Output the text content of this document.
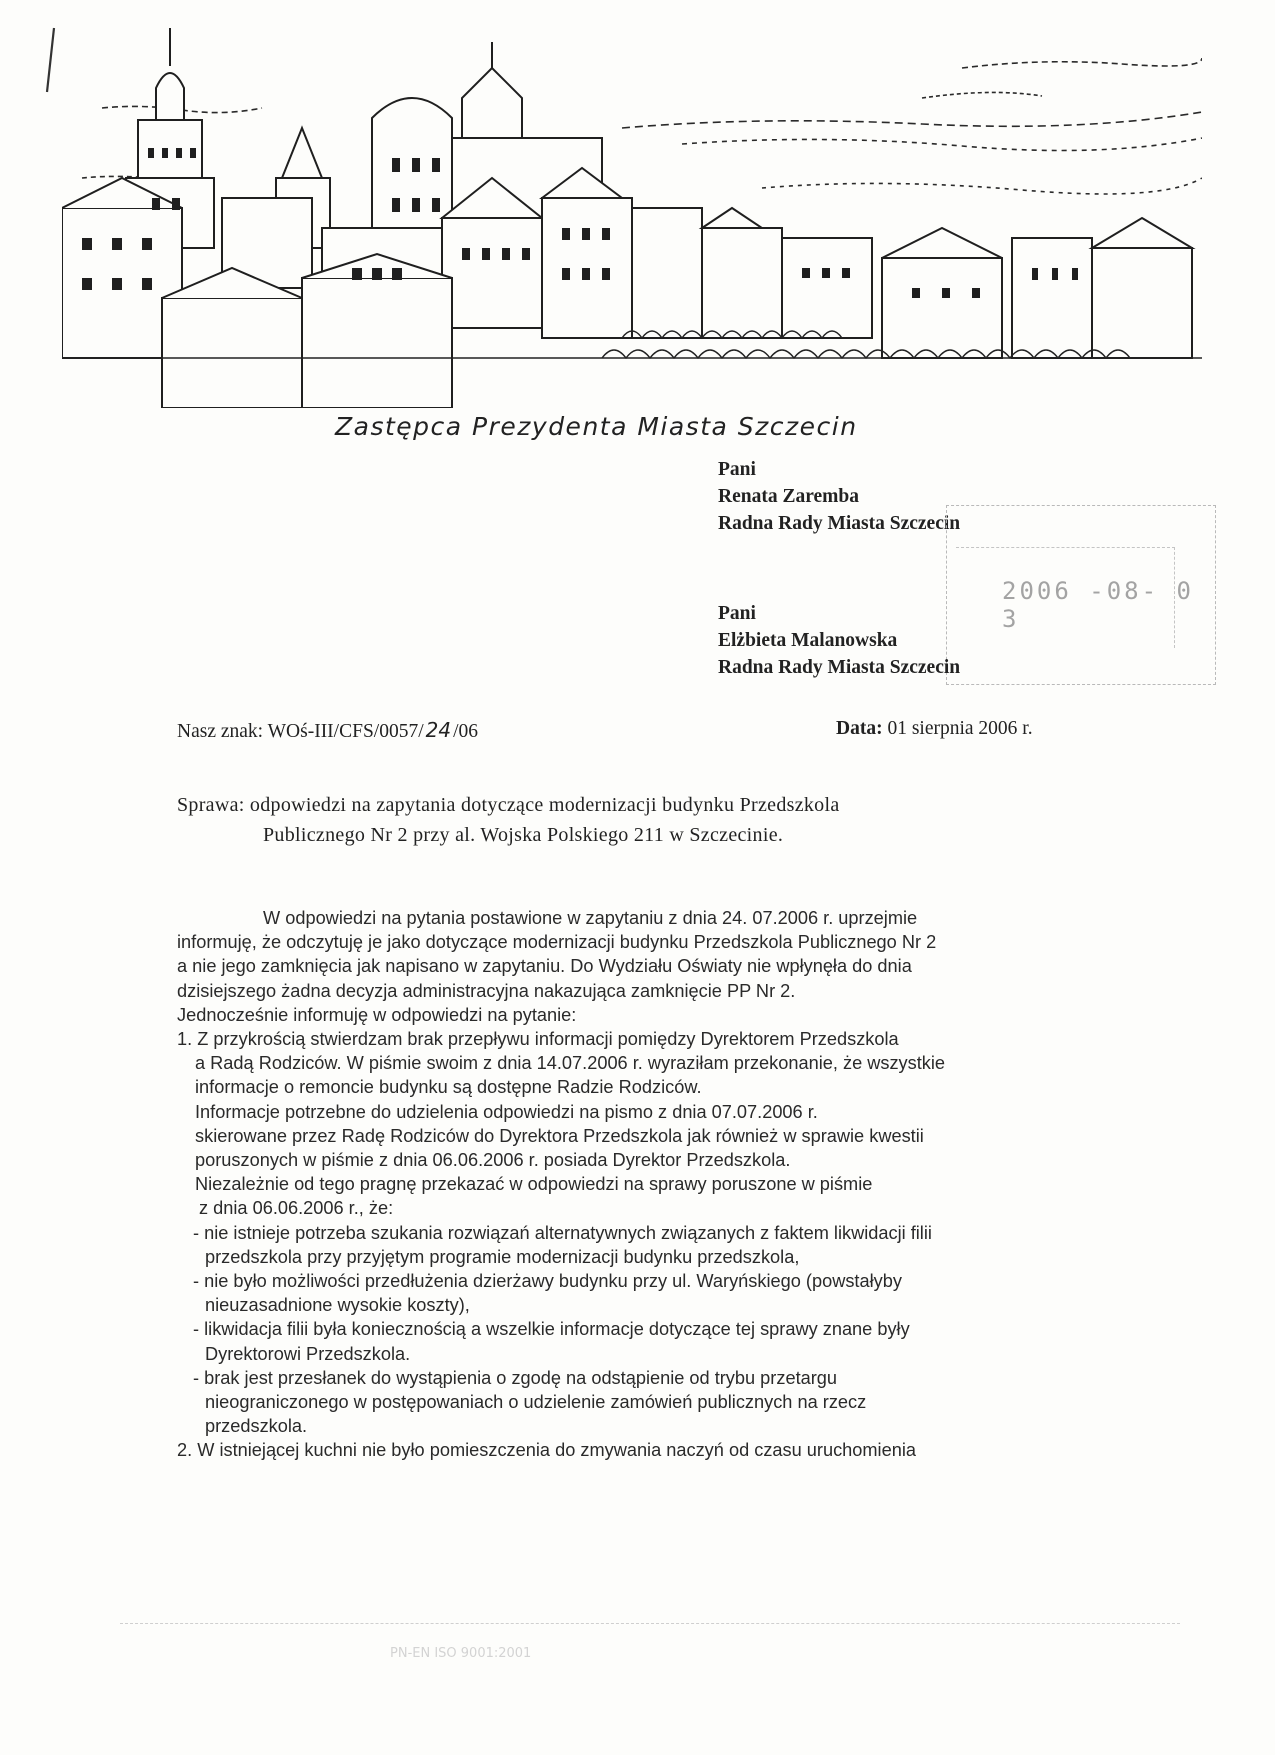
Zastępca Prezydenta Miasta Szczecin
Pani
Renata Zaremba
Radna Rady Miasta Szczecin
2006 -08- 0 3
Pani
Elżbieta Malanowska
Radna Rady Miasta Szczecin
Nasz znak: WOś-III/CFS/0057/ 24 /06	Data: 01 sierpnia 2006 r.
Sprawa: odpowiedzi na zapytania dotyczące modernizacji budynku Przedszkola
Publicznego Nr 2 przy al. Wojska Polskiego 211 w Szczecinie.

W odpowiedzi na pytania postawione w zapytaniu z dnia 24. 07.2006 r. uprzejmie

informuję, że odczytuję je jako dotyczące modernizacji budynku Przedszkola Publicznego Nr 2

a nie jego zamknięcia jak napisano w zapytaniu. Do Wydziału Oświaty nie wpłynęła do dnia

dzisiejszego żadna decyzja administracyjna nakazująca zamknięcie PP Nr 2.

Jednocześnie informuję w odpowiedzi na pytanie:

1. Z przykrością stwierdzam brak przepływu informacji pomiędzy Dyrektorem Przedszkola

a Radą Rodziców. W piśmie swoim z dnia 14.07.2006 r. wyraziłam przekonanie, że wszystkie

informacje o remoncie budynku są dostępne Radzie Rodziców.

Informacje potrzebne do udzielenia odpowiedzi na pismo z dnia 07.07.2006 r.

skierowane przez Radę Rodziców do Dyrektora Przedszkola jak również w sprawie kwestii

poruszonych w piśmie z dnia 06.06.2006 r. posiada Dyrektor Przedszkola.

Niezależnie od tego pragnę przekazać w odpowiedzi na sprawy poruszone w piśmie

z dnia 06.06.2006 r., że:

- nie istnieje potrzeba szukania rozwiązań alternatywnych związanych z faktem likwidacji filii

przedszkola przy przyjętym programie modernizacji budynku przedszkola,

- nie było możliwości przedłużenia dzierżawy budynku przy ul. Waryńskiego (powstałyby

nieuzasadnione wysokie koszty),

- likwidacja filii była koniecznością a wszelkie informacje dotyczące tej sprawy znane były

Dyrektorowi Przedszkola.

- brak jest przesłanek do wystąpienia o zgodę na odstąpienie od trybu przetargu

nieograniczonego w postępowaniach o udzielenie zamówień publicznych na rzecz

przedszkola.

2. W istniejącej kuchni nie było pomieszczenia do zmywania naczyń od czasu uruchomienia

PN-EN ISO 9001:2001
